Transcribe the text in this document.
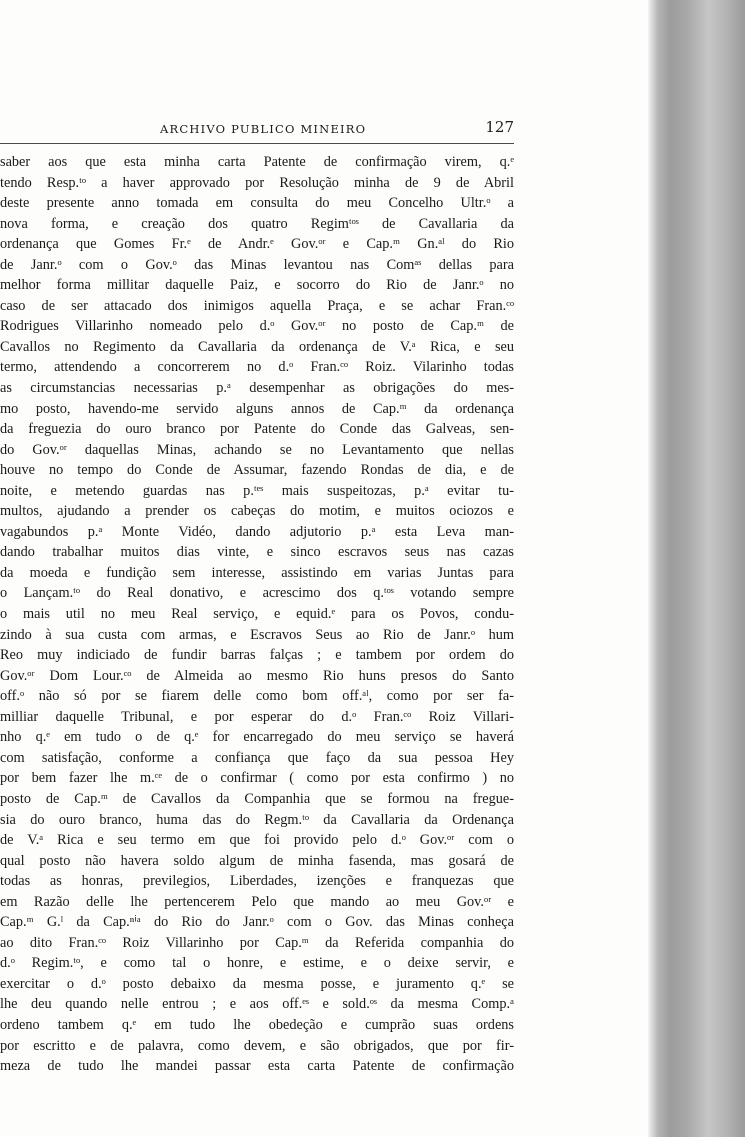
ARCHIVO PUBLICO MINEIRO	127
saber aos que esta minha carta Patente de confirmação virem, q.ᵉ
tendo Resp.ᵗᵒ a haver approvado por Resolução minha de 9 de Abril
deste presente anno tomada em consulta do meu Concelho Ultr.ᵒ a
nova forma, e creação dos quatro Regimᵗᵒˢ de Cavallaria da
ordenança que Gomes Fr.ᵉ de Andr.ᵉ Gov.ᵒʳ e Cap.ᵐ Gn.ᵃˡ do Rio
de Janr.ᵒ com o Gov.ᵒ das Minas levantou nas Comᵃˢ dellas para
melhor forma millitar daquelle Paiz, e socorro do Rio de Janr.ᵒ no
caso de ser attacado dos inimigos aquella Praça, e se achar Fran.ᶜᵒ
Rodrigues Villarinho nomeado pelo d.ᵒ Gov.ᵒʳ no posto de Cap.ᵐ de
Cavallos no Regimento da Cavallaria da ordenança de V.ᵃ Rica, e seu
termo, attendendo a concorrerem no d.ᵒ Fran.ᶜᵒ Roiz. Vilarinho todas
as circumstancias necessarias p.ᵃ desempenhar as obrigações do mes-
mo posto, havendo-me servido alguns annos de Cap.ᵐ da ordenança
da freguezia do ouro branco por Patente do Conde das Galveas, sen-
do Gov.ᵒʳ daquellas Minas, achando se no Levantamento que nellas
houve no tempo do Conde de Assumar, fazendo Rondas de dia, e de
noite, e metendo guardas nas p.ᵗᵉˢ mais suspeitozas, p.ᵃ evitar tu-
multos, ajudando a prender os cabeças do motim, e muitos ociozos e
vagabundos p.ᵃ Monte Vidéo, dando adjutorio p.ᵃ esta Leva man-
dando trabalhar muitos dias vinte, e sinco escravos seus nas cazas
da moeda e fundição sem interesse, assistindo em varias Juntas para
o Lançam.ᵗᵒ do Real donativo, e acrescimo dos q.ᵗᵒˢ votando sempre
o mais util no meu Real serviço, e equid.ᵉ para os Povos, condu-
zindo à sua custa com armas, e Escravos Seus ao Rio de Janr.ᵒ hum
Reo muy indiciado de fundir barras falças ; e tambem por ordem do
Gov.ᵒʳ Dom Lour.ᶜᵒ de Almeida ao mesmo Rio huns presos do Santo
off.ᵒ não só por se fiarem delle como bom off.ᵃˡ, como por ser fa-
milliar daquelle Tribunal, e por esperar do d.ᵒ Fran.ᶜᵒ Roiz Villari-
nho q.ᵉ em tudo o de q.ᵉ for encarregado do meu serviço se haverá
com satisfação, conforme a confiança que faço da sua pessoa Hey
por bem fazer lhe m.ᶜᵉ de o confirmar ( como por esta confirmo ) no
posto de Cap.ᵐ de Cavallos da Companhia que se formou na fregue-
sia do ouro branco, huma das do Regm.ᵗᵒ da Cavallaria da Ordenança
de V.ᵃ Rica e seu termo em que foi provido pelo d.ᵒ Gov.ᵒʳ com o
qual posto não havera soldo algum de minha fasenda, mas gosará de
todas as honras, previlegios, Liberdades, izenções e franquezas que
em Razão delle lhe pertencerem Pelo que mando ao meu Gov.ᵒʳ e
Cap.ᵐ G.ˡ da Cap.ⁿⁱᵃ do Rio do Janr.ᵒ com o Gov. das Minas conheça
ao dito Fran.ᶜᵒ Roiz Villarinho por Cap.ᵐ da Referida companhia do
d.ᵒ Regim.ᵗᵒ, e como tal o honre, e estime, e o deixe servir, e
exercitar o d.ᵒ posto debaixo da mesma posse, e juramento q.ᵉ se
lhe deu quando nelle entrou ; e aos off.ᵉˢ e sold.ᵒˢ da mesma Comp.ᵃ
ordeno tambem q.ᵉ em tudo lhe obedeção e cumprão suas ordens
por escritto e de palavra, como devem, e são obrigados, que por fir-
meza de tudo lhe mandei passar esta carta Patente de confirmação
